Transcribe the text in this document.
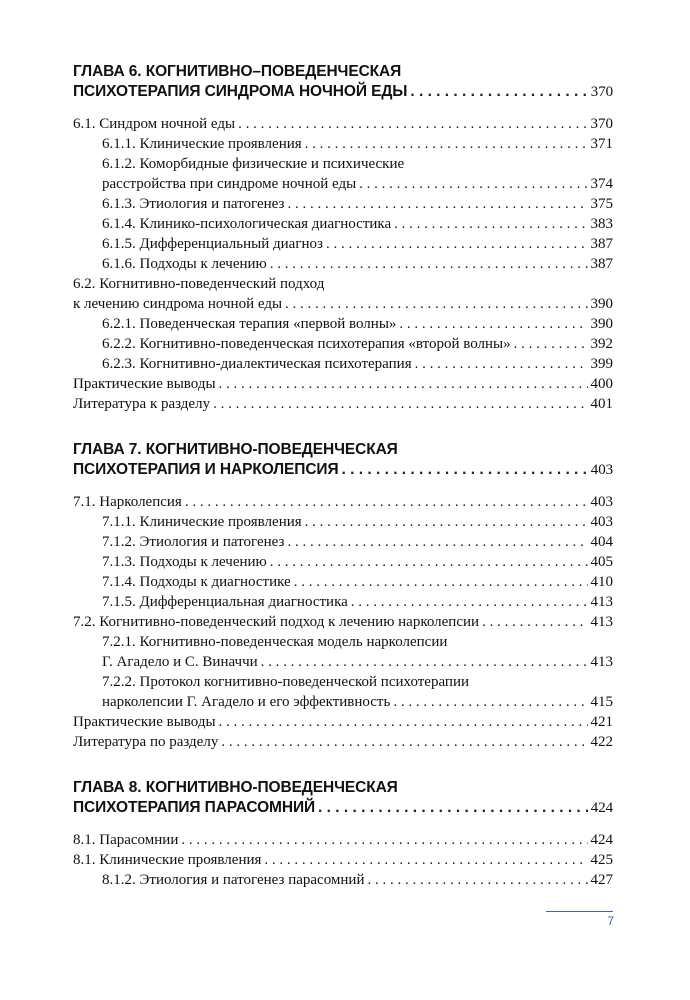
ГЛАВА 6. КОГНИТИВНО–ПОВЕДЕНЧЕСКАЯ
ПСИХОТЕРАПИЯ СИНДРОМА НОЧНОЙ ЕДЫ . . .	370
6.1. Синдром ночной еды . . .	370
6.1.1. Клинические проявления . . .	371
6.1.2. Коморбидные физические и психические
расстройства при синдроме ночной еды . . .	374
6.1.3. Этиология и патогенез . . .	375
6.1.4. Клинико-психологическая диагностика . . .	383
6.1.5. Дифференциальный диагноз . . .	387
6.1.6. Подходы к лечению . . .	387
6.2. Когнитивно-поведенческий подход
к лечению синдрома ночной еды . . .	390
6.2.1. Поведенческая терапия «первой волны» . . .	390
6.2.2. Когнитивно-поведенческая психотерапия «второй волны» . . .	392
6.2.3. Когнитивно-диалектическая психотерапия . . .	399
Практические выводы . . .	400
Литература к разделу . . .	401
ГЛАВА 7. КОГНИТИВНО-ПОВЕДЕНЧЕСКАЯ
ПСИХОТЕРАПИЯ И НАРКОЛЕПСИЯ . . .	403
7.1. Нарколепсия . . .	403
7.1.1. Клинические проявления . . .	403
7.1.2. Этиология и патогенез . . .	404
7.1.3. Подходы к лечению . . .	405
7.1.4. Подходы к диагностике . . .	410
7.1.5. Дифференциальная диагностика . . .	413
7.2. Когнитивно-поведенческий подход к лечению нарколепсии . . .	413
7.2.1. Когнитивно-поведенческая модель нарколепсии
Г. Агадело и С. Виначчи . . .	413
7.2.2. Протокол когнитивно-поведенческой психотерапии
нарколепсии Г. Агадело и его эффективность . . .	415
Практические выводы . . .	421
Литература по разделу . . .	422
ГЛАВА 8. КОГНИТИВНО-ПОВЕДЕНЧЕСКАЯ
ПСИХОТЕРАПИЯ ПАРАСОМНИЙ . . .	424
8.1. Парасомнии . . .	424
8.1. Клинические проявления . . .	425
8.1.2. Этиология и патогенез парасомний . . .	427
7
